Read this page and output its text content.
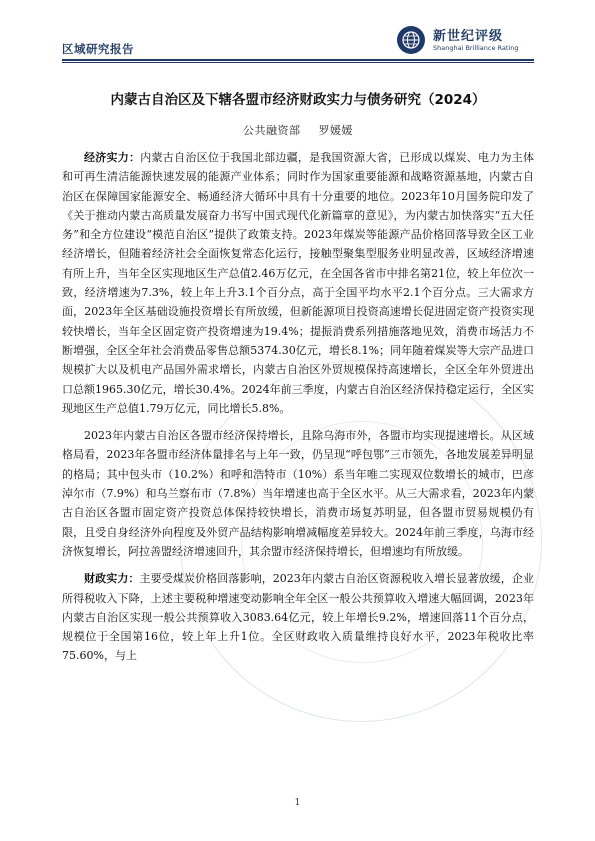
区域研究报告
新世纪评级
Shanghai Brilliance Rating
内蒙古自治区及下辖各盟市经济财政实力与债务研究（2024）
公共融资部 罗媛媛

经济实力：内蒙古自治区位于我国北部边疆，是我国资源大省，已形成以煤炭、电力为主体和可再生清洁能源快速发展的能源产业体系；同时作为国家重要能源和战略资源基地，内蒙古自治区在保障国家能源安全、畅通经济大循环中具有十分重要的地位。2023年10月国务院印发了《关于推动内蒙古高质量发展奋力书写中国式现代化新篇章的意见》，为内蒙古加快落实“五大任务”和全方位建设“模范自治区”提供了政策支持。2023年煤炭等能源产品价格回落导致全区工业经济增长，但随着经济社会全面恢复常态化运行，接触型聚集型服务业明显改善，区域经济增速有所上升，当年全区实现地区生产总值2.46万亿元，在全国各省市中排名第21位，较上年位次一致，经济增速为7.3%，较上年上升3.1个百分点，高于全国平均水平2.1个百分点。三大需求方面，2023年全区基础设施投资增长有所放缓，但新能源项目投资高速增长促进固定资产投资实现较快增长，当年全区固定资产投资增速为19.4%；提振消费系列措施落地见效，消费市场活力不断增强，全区全年社会消费品零售总额5374.30亿元，增长8.1%；同年随着煤炭等大宗产品进口规模扩大以及机电产品国外需求增长，内蒙古自治区外贸规模保持高速增长，全区全年外贸进出口总额1965.30亿元，增长30.4%。2024年前三季度，内蒙古自治区经济保持稳定运行，全区实现地区生产总值1.79万亿元，同比增长5.8%。

2023年内蒙古自治区各盟市经济保持增长，且除乌海市外，各盟市均实现提速增长。从区域格局看，2023年各盟市经济体量排名与上年一致，仍呈现“呼包鄂”三市领先，各地发展差异明显的格局；其中包头市（10.2%）和呼和浩特市（10%）系当年唯二实现双位数增长的城市，巴彦淖尔市（7.9%）和乌兰察布市（7.8%）当年增速也高于全区水平。从三大需求看，2023年内蒙古自治区各盟市固定资产投资总体保持较快增长，消费市场复苏明显，但各盟市贸易规模仍有限，且受自身经济外向程度及外贸产品结构影响增减幅度差异较大。2024年前三季度，乌海市经济恢复增长，阿拉善盟经济增速回升，其余盟市经济保持增长，但增速均有所放缓。

财政实力：主要受煤炭价格回落影响，2023年内蒙古自治区资源税收入增长显著放缓，企业所得税收入下降，上述主要税种增速变动影响全年全区一般公共预算收入增速大幅回调，2023年内蒙古自治区实现一般公共预算收入3083.64亿元，较上年增长9.2%，增速回落11个百分点，规模位于全国第16位，较上年上升1位。全区财政收入质量维持良好水平，2023年税收比率75.60%，与上

1
